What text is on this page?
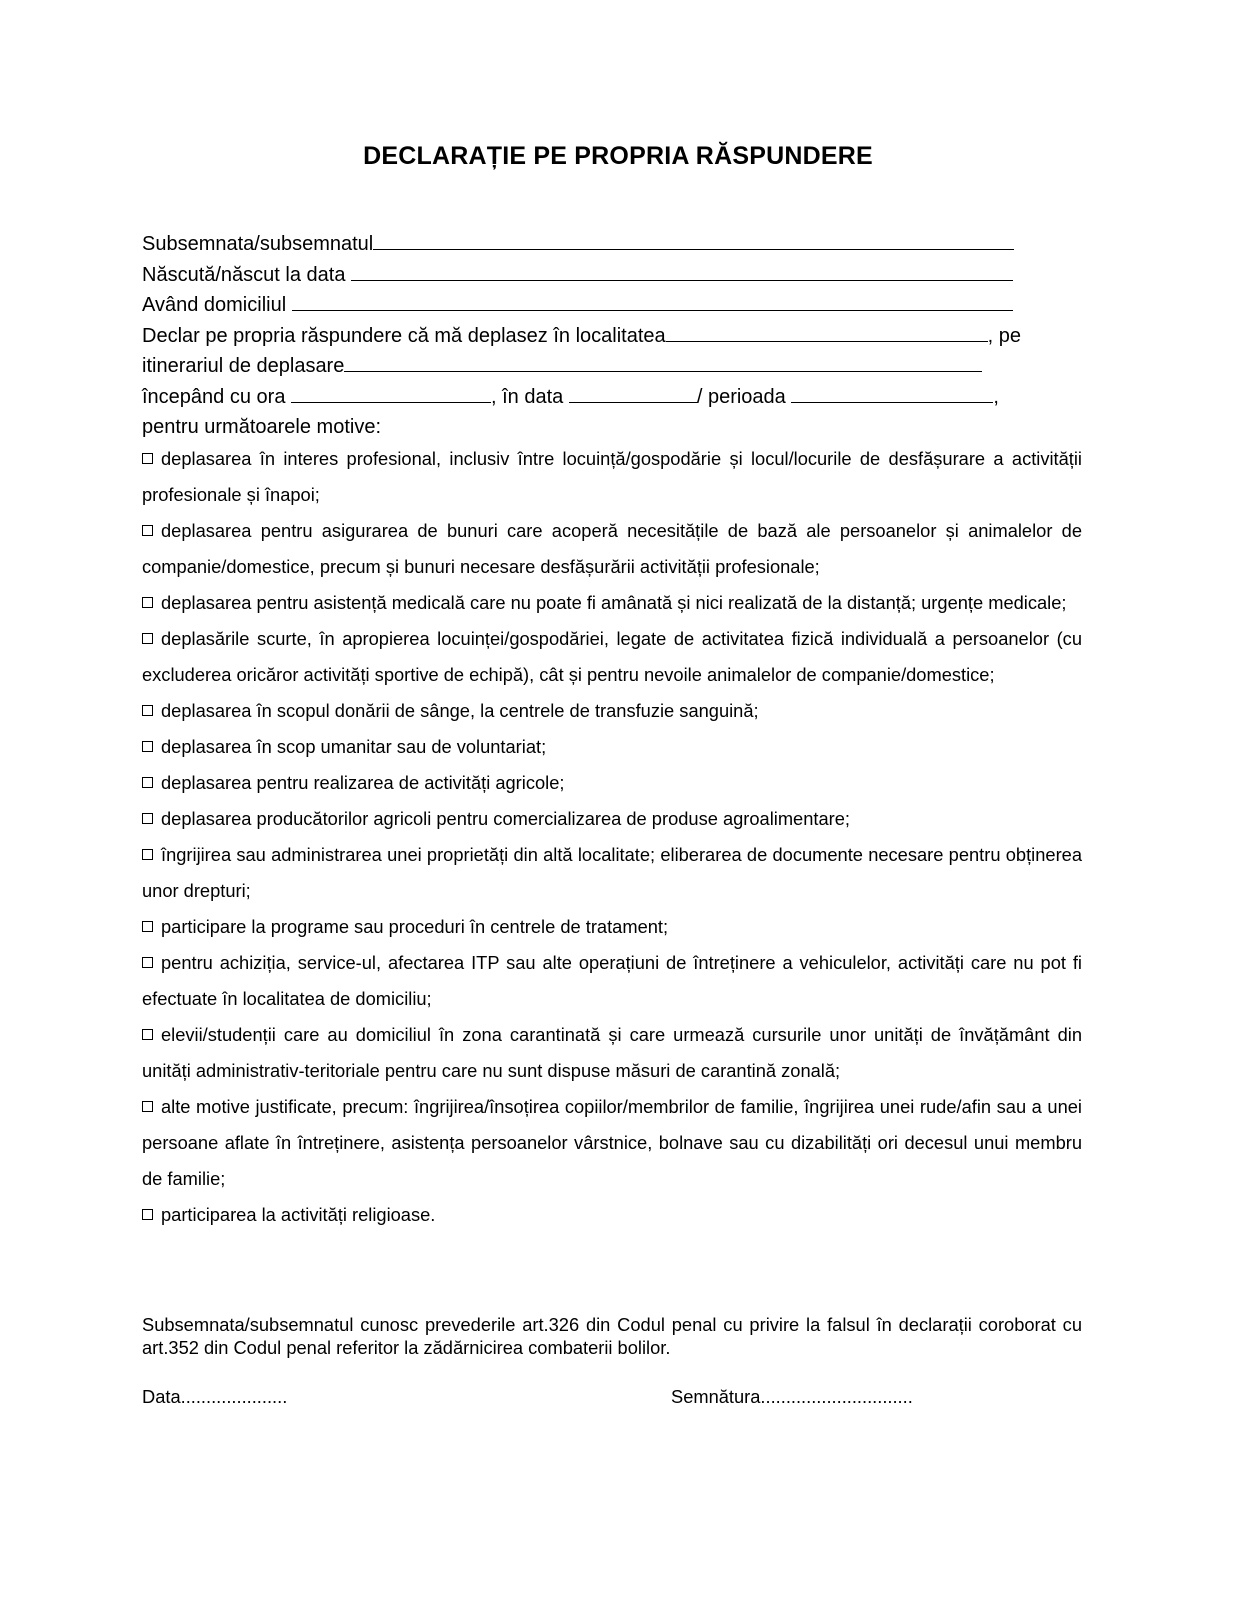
DECLARAȚIE PE PROPRIA RĂSPUNDERE
Subsemnata/subsemnatul
Născută/născut la data
Având domiciliul
Declar pe propria răspundere că mă deplasez în localitatea	, pe
itinerariul de deplasare
începând cu ora	, în data	/ perioada	,
pentru următoarele motive:

deplasarea în interes profesional, inclusiv între locuință/gospodărie și locul/locurile de desfășurare a activității profesionale și înapoi;

deplasarea pentru asigurarea de bunuri care acoperă necesitățile de bază ale persoanelor și animalelor de companie/domestice, precum și bunuri necesare desfășurării activității profesionale;

deplasarea pentru asistență medicală care nu poate fi amânată și nici realizată de la distanță; urgențe medicale;

deplasările scurte, în apropierea locuinței/gospodăriei, legate de activitatea fizică individuală a persoanelor (cu excluderea oricăror activități sportive de echipă), cât și pentru nevoile animalelor de companie/domestice;

deplasarea în scopul donării de sânge, la centrele de transfuzie sanguină;

deplasarea în scop umanitar sau de voluntariat;

deplasarea pentru realizarea de activități agricole;

deplasarea producătorilor agricoli pentru comercializarea de produse agroalimentare;

îngrijirea sau administrarea unei proprietăți din altă localitate; eliberarea de documente necesare pentru obținerea unor drepturi;

participare la programe sau proceduri în centrele de tratament;

pentru achiziția, service-ul, afectarea ITP sau alte operațiuni de întreținere a vehiculelor, activități care nu pot fi efectuate în localitatea de domiciliu;

elevii/studenții care au domiciliul în zona carantinată și care urmează cursurile unor unități de învățământ din unități administrativ-teritoriale pentru care nu sunt dispuse măsuri de carantină zonală;

alte motive justificate, precum: îngrijirea/însoțirea copiilor/membrilor de familie, îngrijirea unei rude/afin sau a unei persoane aflate în întreținere, asistența persoanelor vârstnice, bolnave sau cu dizabilități ori decesul unui membru de familie;

participarea la activități religioase.

Subsemnata/subsemnatul cunosc prevederile art.326 din Codul penal cu privire la falsul în declarații coroborat cu art.352 din Codul penal referitor la zădărnicirea combaterii bolilor.
Data.....................	Semnătura..............................
